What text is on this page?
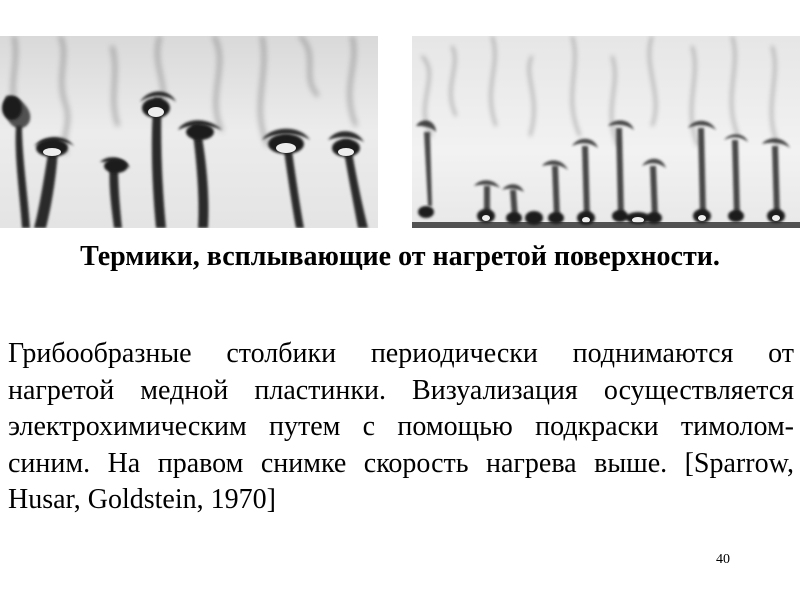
Термики, всплывающие от нагретой поверхности.

Грибообразные столбики периодически поднимаются от нагретой медной пластинки. Визуализация осуществляется электрохимическим путем с помощью подкраски тимолом-синим. На правом снимке скорость нагрева выше. [Sparrow, Husar, Goldstein, 1970]

40
